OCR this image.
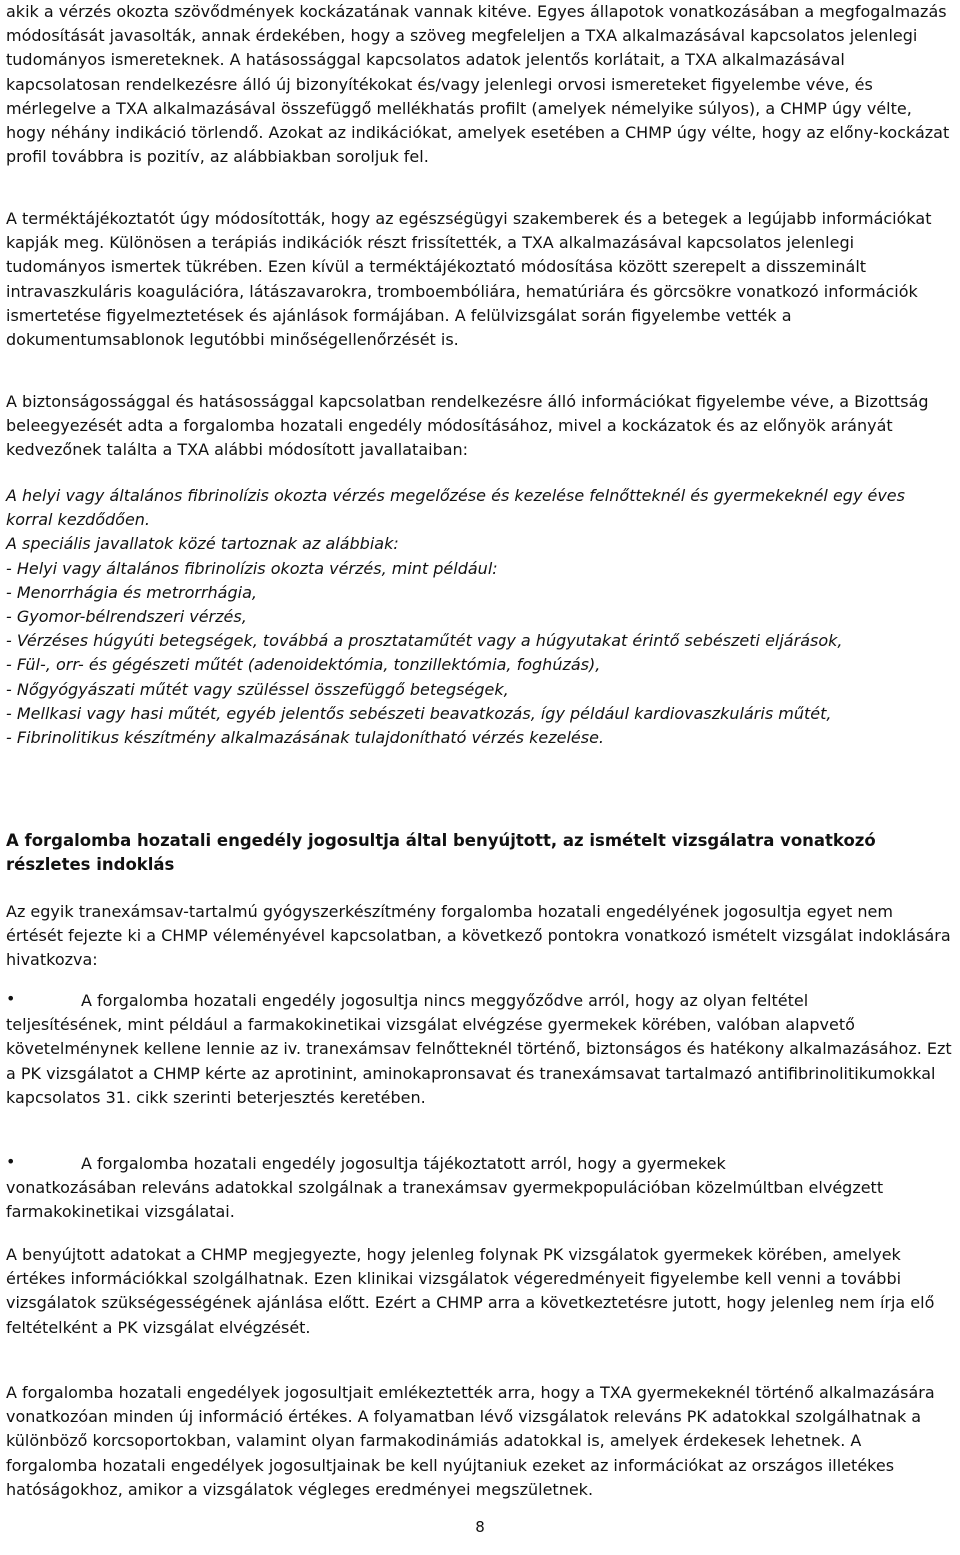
akik a vérzés okozta szövődmények kockázatának vannak kitéve. Egyes állapotok vonatkozásában a megfogalmazás módosítását javasolták, annak érdekében, hogy a szöveg megfeleljen a TXA alkalmazásával kapcsolatos jelenlegi tudományos ismereteknek. A hatásossággal kapcsolatos adatok jelentős korlátait, a TXA alkalmazásával kapcsolatosan rendelkezésre álló új bizonyítékokat és/vagy jelenlegi orvosi ismereteket figyelembe véve, és mérlegelve a TXA alkalmazásával összefüggő mellékhatás profilt (amelyek némelyike súlyos), a CHMP úgy vélte, hogy néhány indikáció törlendő. Azokat az indikációkat, amelyek esetében a CHMP úgy vélte, hogy az előny-kockázat profil továbbra is pozitív, az alábbiakban soroljuk fel.

A terméktájékoztatót úgy módosították, hogy az egészségügyi szakemberek és a betegek a legújabb információkat kapják meg. Különösen a terápiás indikációk részt frissítették, a TXA alkalmazásával kapcsolatos jelenlegi tudományos ismertek tükrében. Ezen kívül a terméktájékoztató módosítása között szerepelt a disszeminált intravaszkuláris koagulációra, látászavarokra, tromboembóliára, hematúriára és görcsökre vonatkozó információk ismertetése figyelmeztetések és ajánlások formájában. A felülvizsgálat során figyelembe vették a dokumentumsablonok legutóbbi minőségellenőrzését is.

A biztonságossággal és hatásossággal kapcsolatban rendelkezésre álló információkat figyelembe véve, a Bizottság beleegyezését adta a forgalomba hozatali engedély módosításához, mivel a kockázatok és az előnyök arányát kedvezőnek találta a TXA alábbi módosított javallataiban:

A helyi vagy általános fibrinolízis okozta vérzés megelőzése és kezelése felnőtteknél és gyermekeknél egy éves korral kezdődően.

A speciális javallatok közé tartoznak az alábbiak:

- Helyi vagy általános fibrinolízis okozta vérzés, mint például:

- Menorrhágia és metrorrhágia,

- Gyomor-bélrendszeri vérzés,

- Vérzéses húgyúti betegségek, továbbá a prosztataműtét vagy a húgyutakat érintő sebészeti eljárások,

- Fül-, orr- és gégészeti műtét (adenoidektómia, tonzillektómia, foghúzás),

- Nőgyógyászati műtét vagy szüléssel összefüggő betegségek,

- Mellkasi vagy hasi műtét, egyéb jelentős sebészeti beavatkozás, így például kardiovaszkuláris műtét,

- Fibrinolitikus készítmény alkalmazásának tulajdonítható vérzés kezelése.

A forgalomba hozatali engedély jogosultja által benyújtott, az ismételt vizsgálatra vonatkozó részletes indoklás

Az egyik tranexámsav-tartalmú gyógyszerkészítmény forgalomba hozatali engedélyének jogosultja egyet nem értését fejezte ki a CHMP véleményével kapcsolatban, a következő pontokra vonatkozó ismételt vizsgálat indoklására hivatkozva:

•	A forgalomba hozatali engedély jogosultja nincs meggyőződve arról, hogy az olyan feltétel

teljesítésének, mint például a farmakokinetikai vizsgálat elvégzése gyermekek körében, valóban alapvető követelménynek kellene lennie az iv. tranexámsav felnőtteknél történő, biztonságos és hatékony alkalmazásához. Ezt a PK vizsgálatot a CHMP kérte az aprotinint, aminokapronsavat és tranexámsavat tartalmazó antifibrinolitikumokkal kapcsolatos 31. cikk szerinti beterjesztés keretében.

•	A forgalomba hozatali engedély jogosultja tájékoztatott arról, hogy a gyermekek

vonatkozásában releváns adatokkal szolgálnak a tranexámsav gyermekpopulációban közelmúltban elvégzett farmakokinetikai vizsgálatai.

A benyújtott adatokat a CHMP megjegyezte, hogy jelenleg folynak PK vizsgálatok gyermekek körében, amelyek értékes információkkal szolgálhatnak. Ezen klinikai vizsgálatok végeredményeit figyelembe kell venni a további vizsgálatok szükségességének ajánlása előtt. Ezért a CHMP arra a következtetésre jutott, hogy jelenleg nem írja elő feltételként a PK vizsgálat elvégzését.

A forgalomba hozatali engedélyek jogosultjait emlékeztették arra, hogy a TXA gyermekeknél történő alkalmazására vonatkozóan minden új információ értékes. A folyamatban lévő vizsgálatok releváns PK adatokkal szolgálhatnak a különböző korcsoportokban, valamint olyan farmakodinámiás adatokkal is, amelyek érdekesek lehetnek. A forgalomba hozatali engedélyek jogosultjainak be kell nyújtaniuk ezeket az információkat az országos illetékes hatóságokhoz, amikor a vizsgálatok végleges eredményei megszületnek.

8
